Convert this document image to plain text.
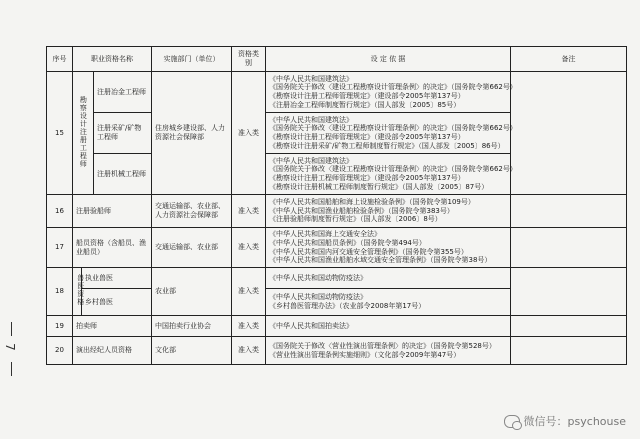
7
序号	职业资格名称			实施部门（单位）	资格类别	设 定 依 据	备注
15	勘察设计注册工程师		注册冶金工程师	住房城乡建设部、人力资源社会保障部	准入类	《中华人民共和国建筑法》
《国务院关于修改〈建设工程勘察设计管理条例〉的决定》（国务院令第662号）
《勘察设计注册工程师管理规定》（建设部令2005年第137号）
《注册冶金工程师制度暂行规定》（国人部发〔2005〕85号）	

			注册采矿/矿物工程师			《中华人民共和国建筑法》
《国务院关于修改〈建设工程勘察设计管理条例〉的决定》（国务院令第662号）
《勘察设计注册工程师管理规定》（建设部令2005年第137号）
《勘察设计注册采矿/矿物工程师制度暂行规定》（国人部发〔2005〕86号）	

			注册机械工程师			《中华人民共和国建筑法》
《国务院关于修改〈建设工程勘察设计管理条例〉的决定》（国务院令第662号）
《勘察设计注册工程师管理规定》（建设部令2005年第137号）
《勘察设计注册机械工程师制度暂行规定》（国人部发〔2005〕87号）	

16	注册验船师			交通运输部、农业部、人力资源社会保障部	准入类	《中华人民共和国船舶和海上设施检验条例》（国务院令第109号）
《中华人民共和国渔业船舶检验条例》（国务院令第383号）
《注册验船师制度暂行规定》（国人部发〔2006〕8号）	

17	船员资格（含船员、渔业船员）			交通运输部、农业部	准入类	《中华人民共和国海上交通安全法》
《中华人民共和国船员条例》（国务院令第494号）
《中华人民共和国内河交通安全管理条例》（国务院令第355号）
《中华人民共和国渔业船舶水域交通安全管理条例》（国务院令第38号）	

18	兽医资格	执业兽医		农业部	准入类	《中华人民共和国动物防疫法》	

		乡村兽医				《中华人民共和国动物防疫法》
《乡村兽医管理办法》（农业部令2008年第17号）	

19	拍卖师			中国拍卖行业协会	准入类	《中华人民共和国拍卖法》	

20	演出经纪人员资格			文化部	准入类	《国务院关于修改〈营业性演出管理条例〉的决定》（国务院令第528号）
《营业性演出管理条例实施细则》（文化部令2009年第47号）	

微信号：psychouse
